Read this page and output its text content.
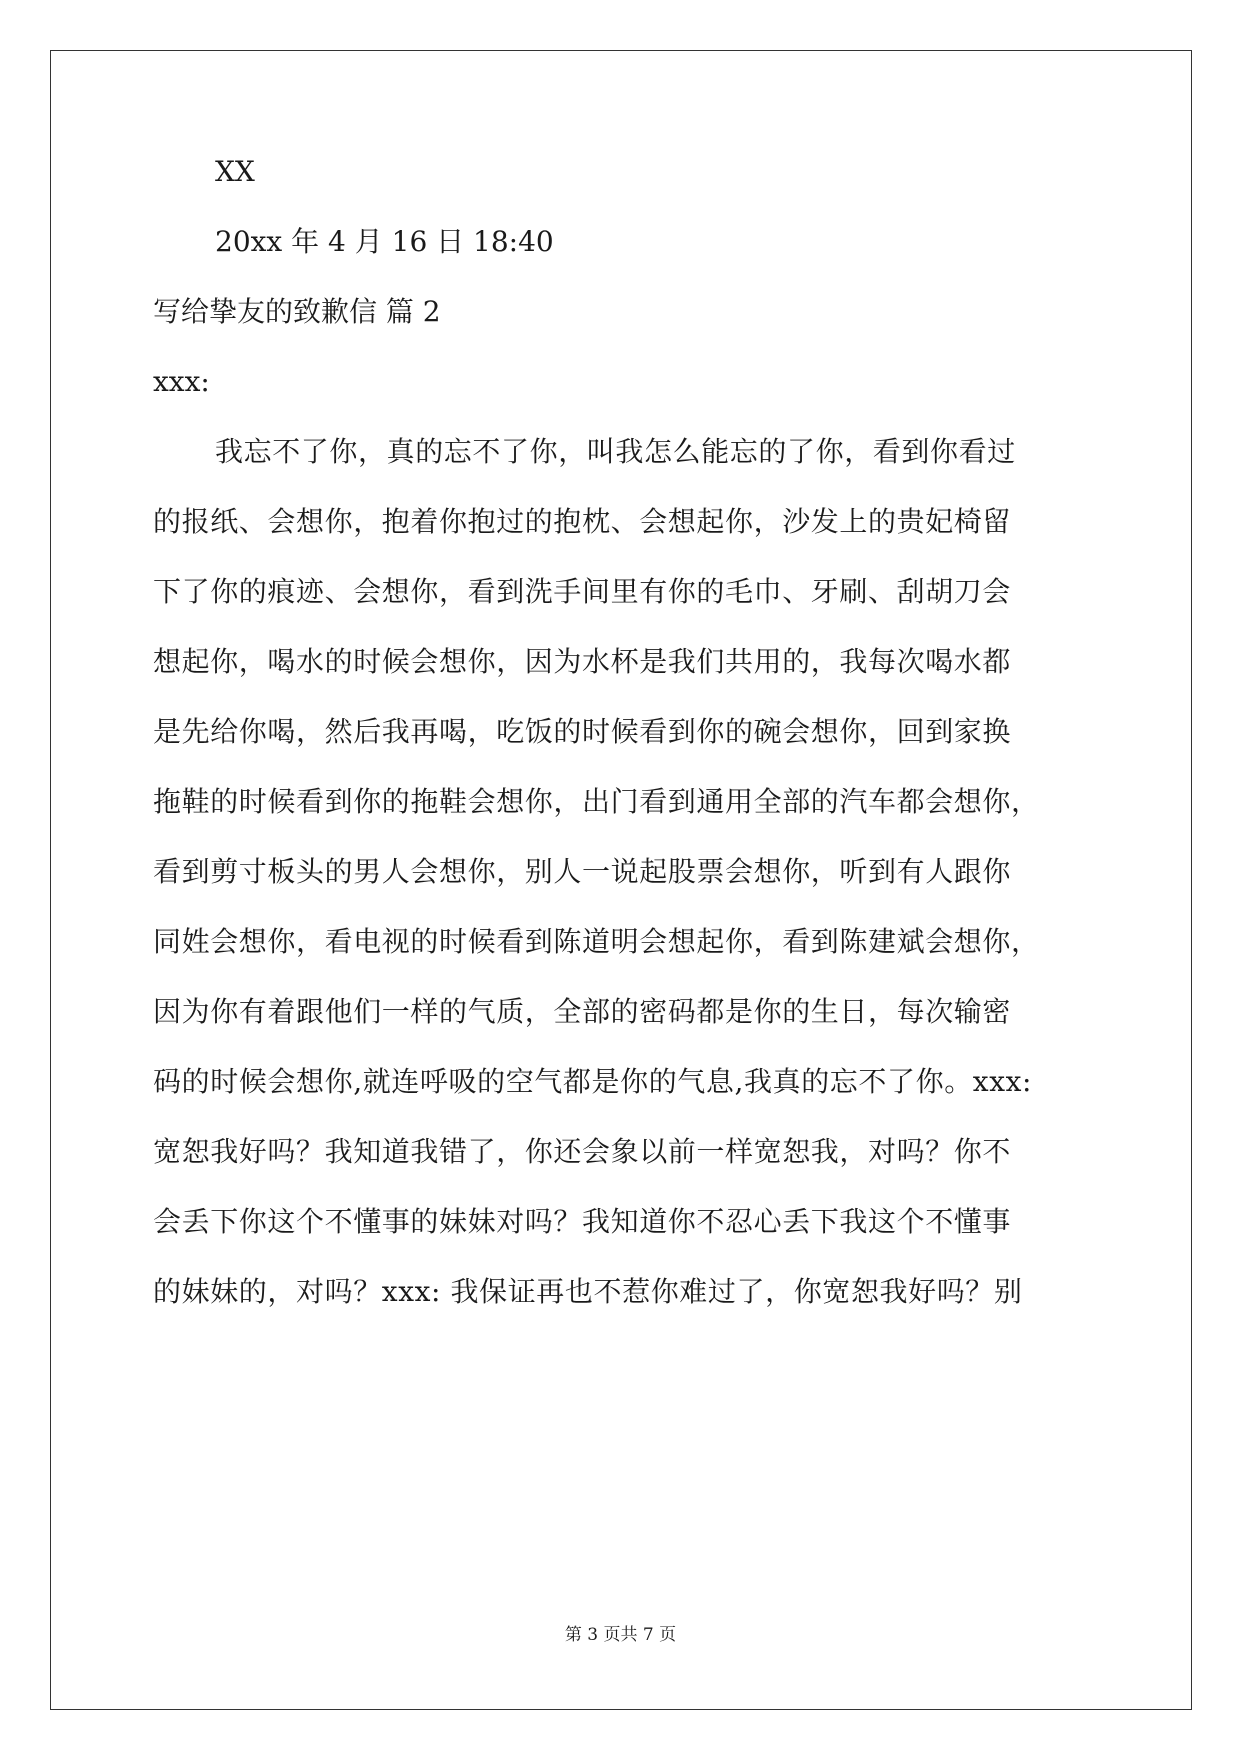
XX
20xx 年 4 月 16 日 18:40
写给挚友的致歉信 篇 2
xxx:
我忘不了你，真的忘不了你，叫我怎么能忘的了你，看到你看过
的报纸、会想你，抱着你抱过的抱枕、会想起你，沙发上的贵妃椅留
下了你的痕迹、会想你，看到洗手间里有你的毛巾、牙刷、刮胡刀会
想起你，喝水的时候会想你，因为水杯是我们共用的，我每次喝水都
是先给你喝，然后我再喝，吃饭的时候看到你的碗会想你，回到家换
拖鞋的时候看到你的拖鞋会想你，出门看到通用全部的汽车都会想你，
看到剪寸板头的男人会想你，别人一说起股票会想你，听到有人跟你
同姓会想你，看电视的时候看到陈道明会想起你，看到陈建斌会想你，
因为你有着跟他们一样的气质，全部的密码都是你的生日，每次输密
码的时候会想你,就连呼吸的空气都是你的气息,我真的忘不了你。xxx:
宽恕我好吗？我知道我错了，你还会象以前一样宽恕我，对吗？你不
会丢下你这个不懂事的妹妹对吗？我知道你不忍心丢下我这个不懂事
的妹妹的，对吗？xxx: 我保证再也不惹你难过了，你宽恕我好吗？别
第 3 页共 7 页
